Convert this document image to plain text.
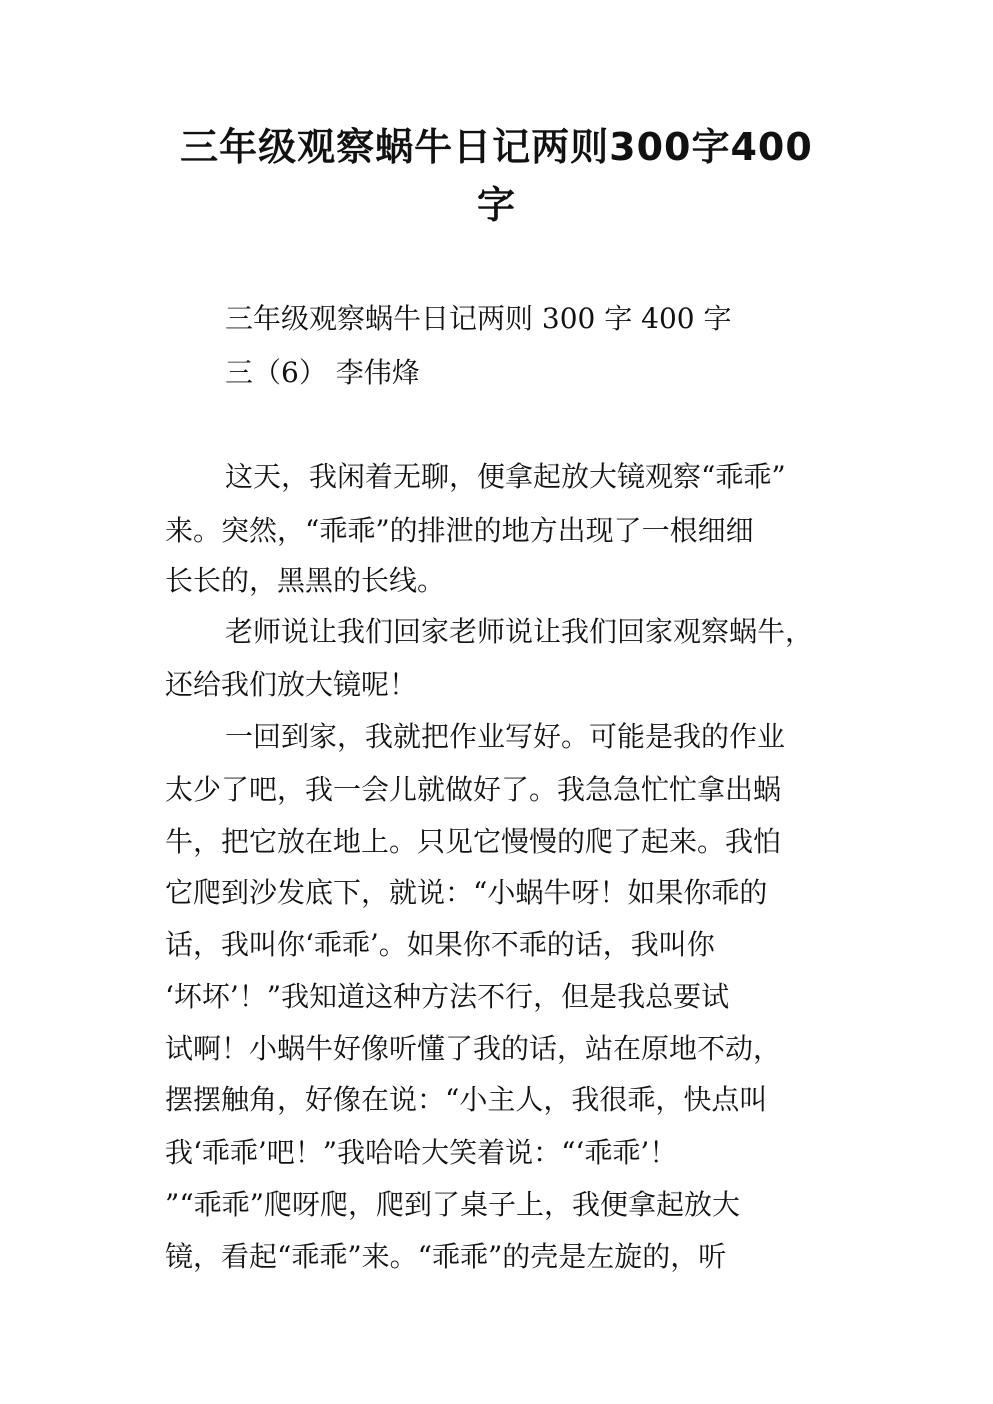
三年级观察蜗牛日记两则300字400
字
三年级观察蜗牛日记两则 300 字 400 字
三（6） 李伟烽
这天，我闲着无聊，便拿起放大镜观察“乖乖”
来。突然，“乖乖”的排泄的地方出现了一根细细
长长的，黑黑的长线。
老师说让我们回家老师说让我们回家观察蜗牛，
还给我们放大镜呢！
一回到家，我就把作业写好。可能是我的作业
太少了吧，我一会儿就做好了。我急急忙忙拿出蜗
牛，把它放在地上。只见它慢慢的爬了起来。我怕
它爬到沙发底下，就说：“小蜗牛呀！如果你乖的
话，我叫你‘乖乖’。如果你不乖的话，我叫你
‘坏坏’！”我知道这种方法不行，但是我总要试
试啊！小蜗牛好像听懂了我的话，站在原地不动，
摆摆触角，好像在说：“小主人，我很乖，快点叫
我‘乖乖’吧！”我哈哈大笑着说：“‘乖乖’！
”“乖乖”爬呀爬，爬到了桌子上，我便拿起放大
镜，看起“乖乖”来。“乖乖”的壳是左旋的，听
